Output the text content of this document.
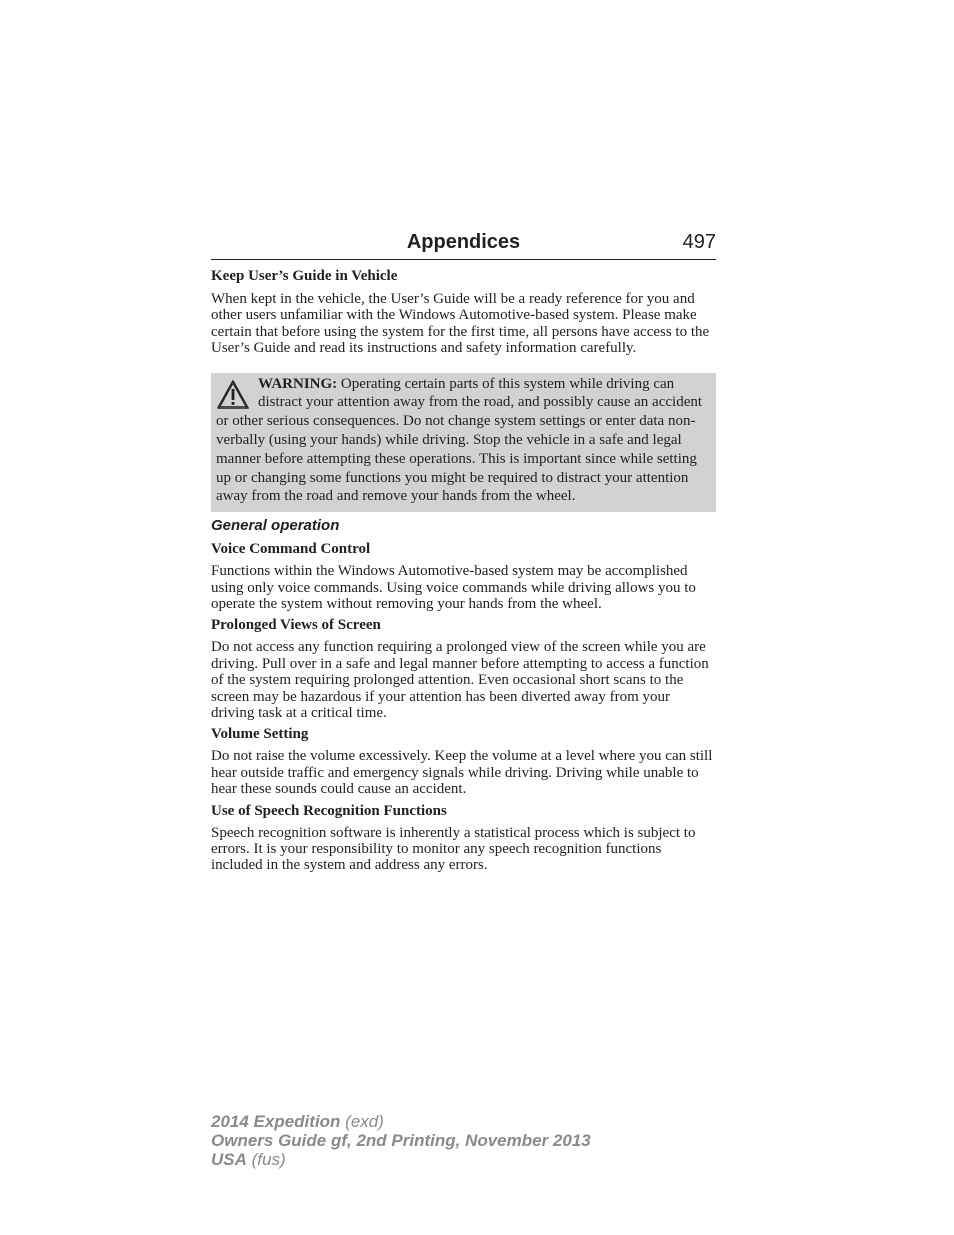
Appendices	497

Keep User’s Guide in Vehicle

When kept in the vehicle, the User’s Guide will be a ready reference for you and other users unfamiliar with the Windows Automotive-based system. Please make certain that before using the system for the first time, all persons have access to the User’s Guide and read its instructions and safety information carefully.

WARNING: Operating certain parts of this system while driving can distract your attention away from the road, and possibly cause an accident or other serious consequences. Do not change system settings or enter data non-verbally (using your hands) while driving. Stop the vehicle in a safe and legal manner before attempting these operations. This is important since while setting up or changing some functions you might be required to distract your attention away from the road and remove your hands from the wheel.

General operation

Voice Command Control

Functions within the Windows Automotive-based system may be accomplished using only voice commands. Using voice commands while driving allows you to operate the system without removing your hands from the wheel.

Prolonged Views of Screen

Do not access any function requiring a prolonged view of the screen while you are driving. Pull over in a safe and legal manner before attempting to access a function of the system requiring prolonged attention. Even occasional short scans to the screen may be hazardous if your attention has been diverted away from your driving task at a critical time.

Volume Setting

Do not raise the volume excessively. Keep the volume at a level where you can still hear outside traffic and emergency signals while driving. Driving while unable to hear these sounds could cause an accident.

Use of Speech Recognition Functions

Speech recognition software is inherently a statistical process which is subject to errors. It is your responsibility to monitor any speech recognition functions included in the system and address any errors.

2014 Expedition (exd)
Owners Guide gf, 2nd Printing, November 2013
USA (fus)
